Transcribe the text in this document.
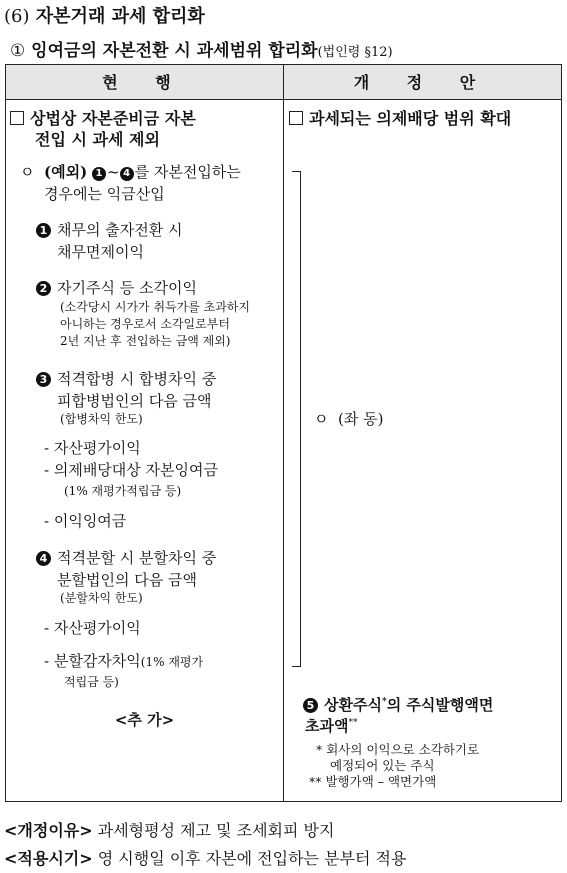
(6) 자본거래 과세 합리화
① 잉여금의 자본전환 시 과세범위 합리화(법인령 §12)
현 행	개 정 안
상법상 자본준비금 자본
전입 시 과세 제외
ㅇ (예외) 1 ~ 4 를 자본전입하는
경우에는 익금산입
1 채무의 출자전환 시
채무면제이익
2 자기주식 등 소각이익
(소각당시 시가가 취득가를 초과하지
아니하는 경우로서 소각일로부터
2년 지난 후 전입하는 금액 제외)
3 적격합병 시 합병차익 중
피합병법인의 다음 금액
(합병차익 한도)
- 자산평가이익
- 의제배당대상 자본잉여금
(1% 재평가적립금 등)
- 이익잉여금
4 적격분할 시 분할차익 중
분할법인의 다음 금액
(분할차익 한도)
- 자산평가이익
- 분할감자차익(1% 재평가
적립금 등)
<추 가>
과세되는 의제배당 범위 확대
ㅇ (좌 동)
5 상환주식*의 주식발행액면
초과액**
* 회사의 이익으로 소각하기로
예정되어 있는 주식
** 발행가액 – 액면가액
<개정이유> 과세형평성 제고 및 조세회피 방지
<적용시기> 영 시행일 이후 자본에 전입하는 분부터 적용
